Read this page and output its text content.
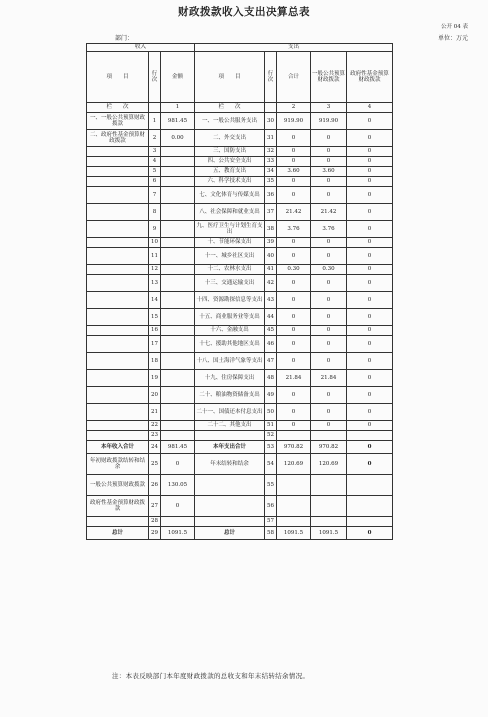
财政拨款收入支出决算总表
公开 04 表
部门：	单位：万元
收入			支出				
项　　目	行次	金额	项　　目	行次	合计	一般公共预算财政拨款	政府性基金预算财政拨款
栏　　次		1	栏　　次		2	3	4
一、一般公共预算财政拨款	1	981.45	一、一般公共服务支出	30	919.90	919.90	0
二、政府性基金预算财政拨款	2	0.00	二、外交支出	31	0	0	0
	3		三、国防支出	32	0	0	0
	4		四、公共安全支出	33	0	0	0
	5		五、教育支出	34	3.60	3.60	0
	6		六、科学技术支出	35	0	0	0
	7		七、文化体育与传媒支出	36	0	0	0
	8		八、社会保障和就业支出	37	21.42	21.42	0
	9		九、医疗卫生与计划生育支出	38	3.76	3.76	0
	10		十、节能环保支出	39	0	0	0
	11		十一、城乡社区支出	40	0	0	0
	12		十二、农林水支出	41	0.30	0.30	0
	13		十三、交通运输支出	42	0	0	0
	14		十四、资源勘探信息等支出	43	0	0	0
	15		十五、商业服务业等支出	44	0	0	0
	16		十六、金融支出	45	0	0	0
	17		十七、援助其他地区支出	46	0	0	0
	18		十八、国土海洋气象等支出	47	0	0	0
	19		十九、住房保障支出	48	21.84	21.84	0
	20		二十、粮油物资储备支出	49	0	0	0
	21		二十一、国债还本付息支出	50	0	0	0
	22		二十二、其他支出	51	0	0	0
	23			52			
本年收入合计	24	981.45	本年支出合计	53	970.82	970.82	0
年初财政拨款结转和结余	25	0	年末结转和结余	54	120.69	120.69	0
一般公共预算财政拨款	26	130.05		55			
政府性基金预算财政拨款	27	0		56			
	28			57			
总计	29	1091.5	总计	58	1091.5	1091.5	0
注：本表反映部门本年度财政拨款的总收支和年末结转结余情况。
